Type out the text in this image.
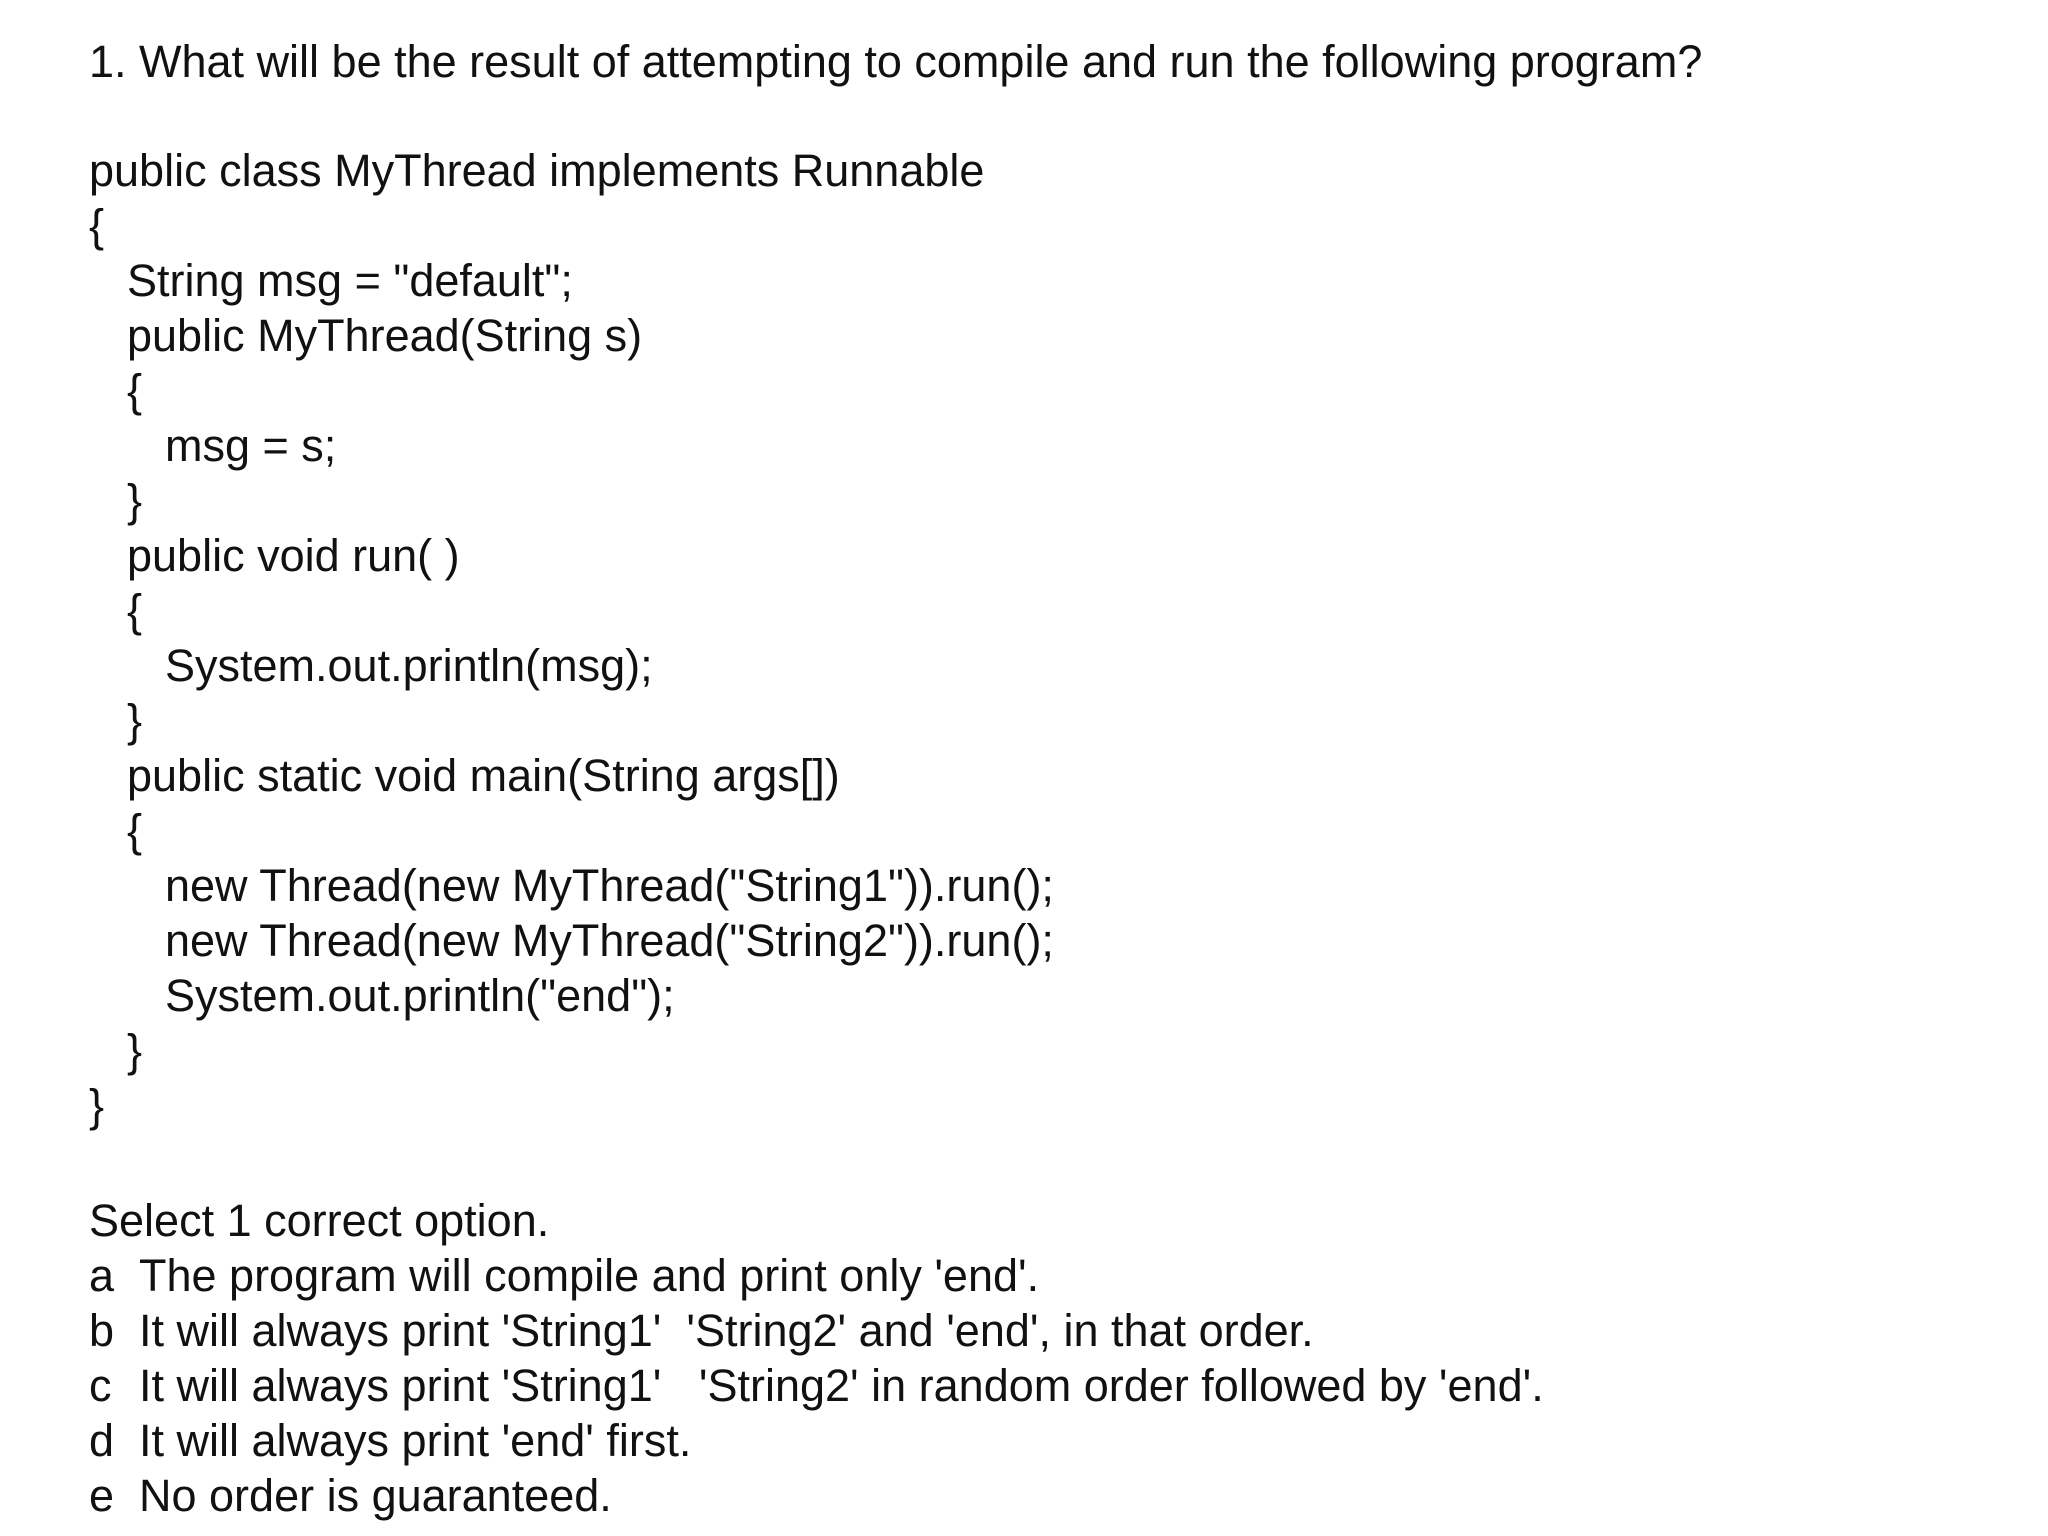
1. What will be the result of attempting to compile and run the following program?
public class MyThread implements Runnable
{
String msg = "default";
public MyThread(String s)
{
msg = s;
}
public void run( )
{
System.out.println(msg);
}
public static void main(String args[])
{
new Thread(new MyThread("String1")).run();
new Thread(new MyThread("String2")).run();
System.out.println("end");
}
}
Select 1 correct option.
a The program will compile and print only 'end'.
b It will always print 'String1'  'String2' and 'end', in that order.
c It will always print 'String1'   'String2' in random order followed by 'end'.
d It will always print 'end' first.
e No order is guaranteed.
